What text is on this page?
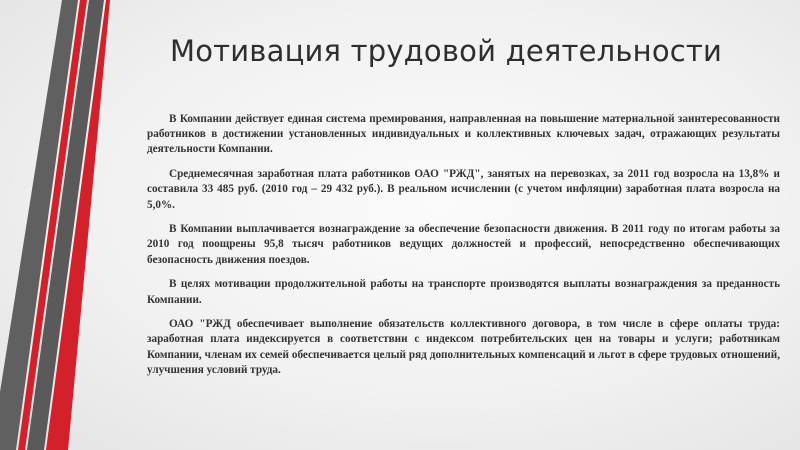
Мотивация трудовой деятельности

В Компании действует единая система премирования, направленная на повышение материальной заинтересованности работников в достижении установленных индивидуальных и коллективных ключевых задач, отражающих результаты деятельности Компании.

Среднемесячная заработная плата работников ОАО "РЖД", занятых на перевозках, за 2011 год возросла на 13,8% и составила 33 485 руб. (2010 год – 29 432 руб.). В реальном исчислении (с учетом инфляции) заработная плата возросла на 5,0%.

В Компании выплачивается вознаграждение за обеспечение безопасности движения. В 2011 году по итогам работы за 2010 год поощрены 95,8 тысяч работников ведущих должностей и профессий, непосредственно обеспечивающих безопасность движения поездов.

В целях мотивации продолжительной работы на транспорте производятся выплаты вознаграждения за преданность Компании.

ОАО "РЖД обеспечивает выполнение обязательств коллективного договора, в том числе в сфере оплаты труда: заработная плата индексируется в соответствии с индексом потребительских цен на товары и услуги; работникам Компании, членам их семей обеспечивается целый ряд дополнительных компенсаций и льгот в сфере трудовых отношений, улучшения условий труда.
